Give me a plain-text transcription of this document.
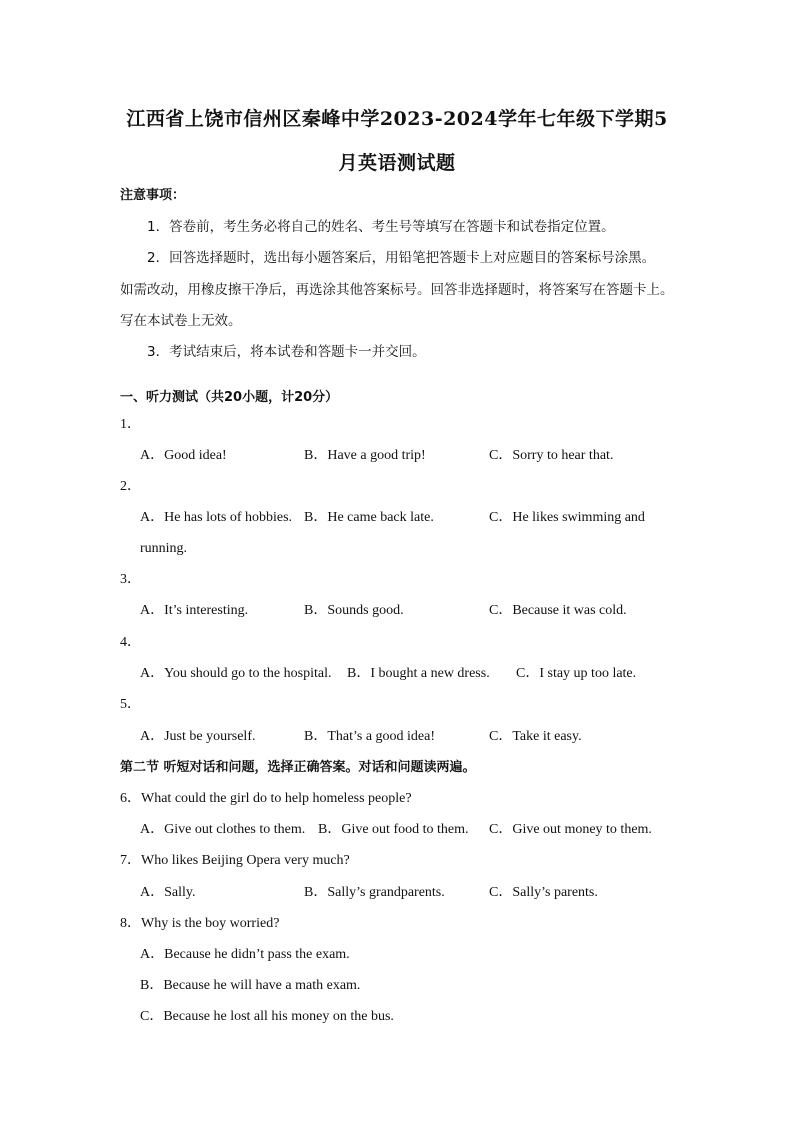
江西省上饶市信州区秦峰中学2023-2024学年七年级下学期5
月英语测试题
注意事项：
1．答卷前，考生务必将自己的姓名、考生号等填写在答题卡和试卷指定位置。
2．回答选择题时，选出每小题答案后，用铅笔把答题卡上对应题目的答案标号涂黑。
如需改动，用橡皮擦干净后，再选涂其他答案标号。回答非选择题时，将答案写在答题卡上。
写在本试卷上无效。
3．考试结束后，将本试卷和答题卡一并交回。
一、听力测试（共20小题，计20分）
1．
A．Good idea!	B．Have a good trip!	C．Sorry to hear that.
2．
A．He has lots of hobbies. B．He came back late.	C．He likes swimming and
running.
3．
A．It’s interesting.	B．Sounds good.	C．Because it was cold.
4．
A．You should go to the hospital. B．I bought a new dress. C．I stay up too late.
5．
A．Just be yourself.	B．That’s a good idea!	C．Take it easy.
第二节 听短对话和问题，选择正确答案。对话和问题读两遍。
6．What could the girl do to help homeless people?
A．Give out clothes to them. B．Give out food to them. C．Give out money to them.
7．Who likes Beijing Opera very much?
A．Sally.	B．Sally’s grandparents.	C．Sally’s parents.
8．Why is the boy worried?
A．Because he didn’t pass the exam.
B．Because he will have a math exam.
C．Because he lost all his money on the bus.
